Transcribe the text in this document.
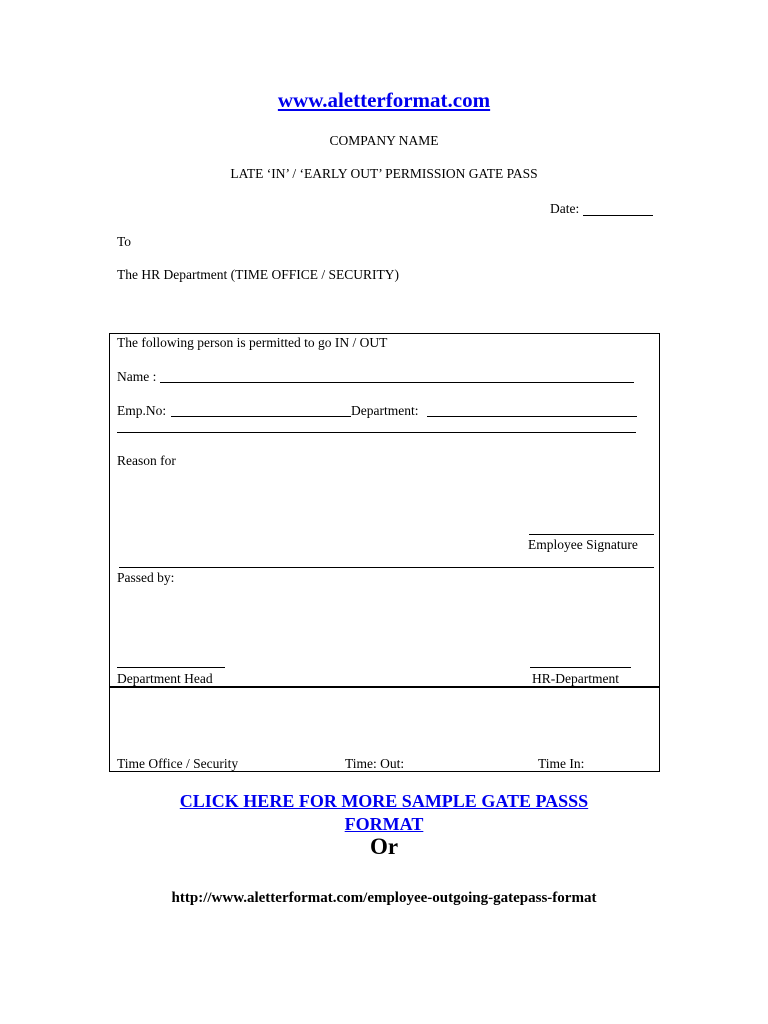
www.aletterformat.com
COMPANY NAME
LATE ‘IN’ / ‘EARLY OUT’ PERMISSION GATE PASS
Date:
To
The HR Department (TIME OFFICE / SECURITY)
The following person is permitted to go IN / OUT
Name :
Emp.No:	Department:
Reason for
Employee Signature
Passed by:
Department Head	HR-Department
Time Office / Security	Time: Out:	Time In:
CLICK HERE FOR MORE SAMPLE GATE PASSS
FORMAT
Or
http://www.aletterformat.com/employee-outgoing-gatepass-format
